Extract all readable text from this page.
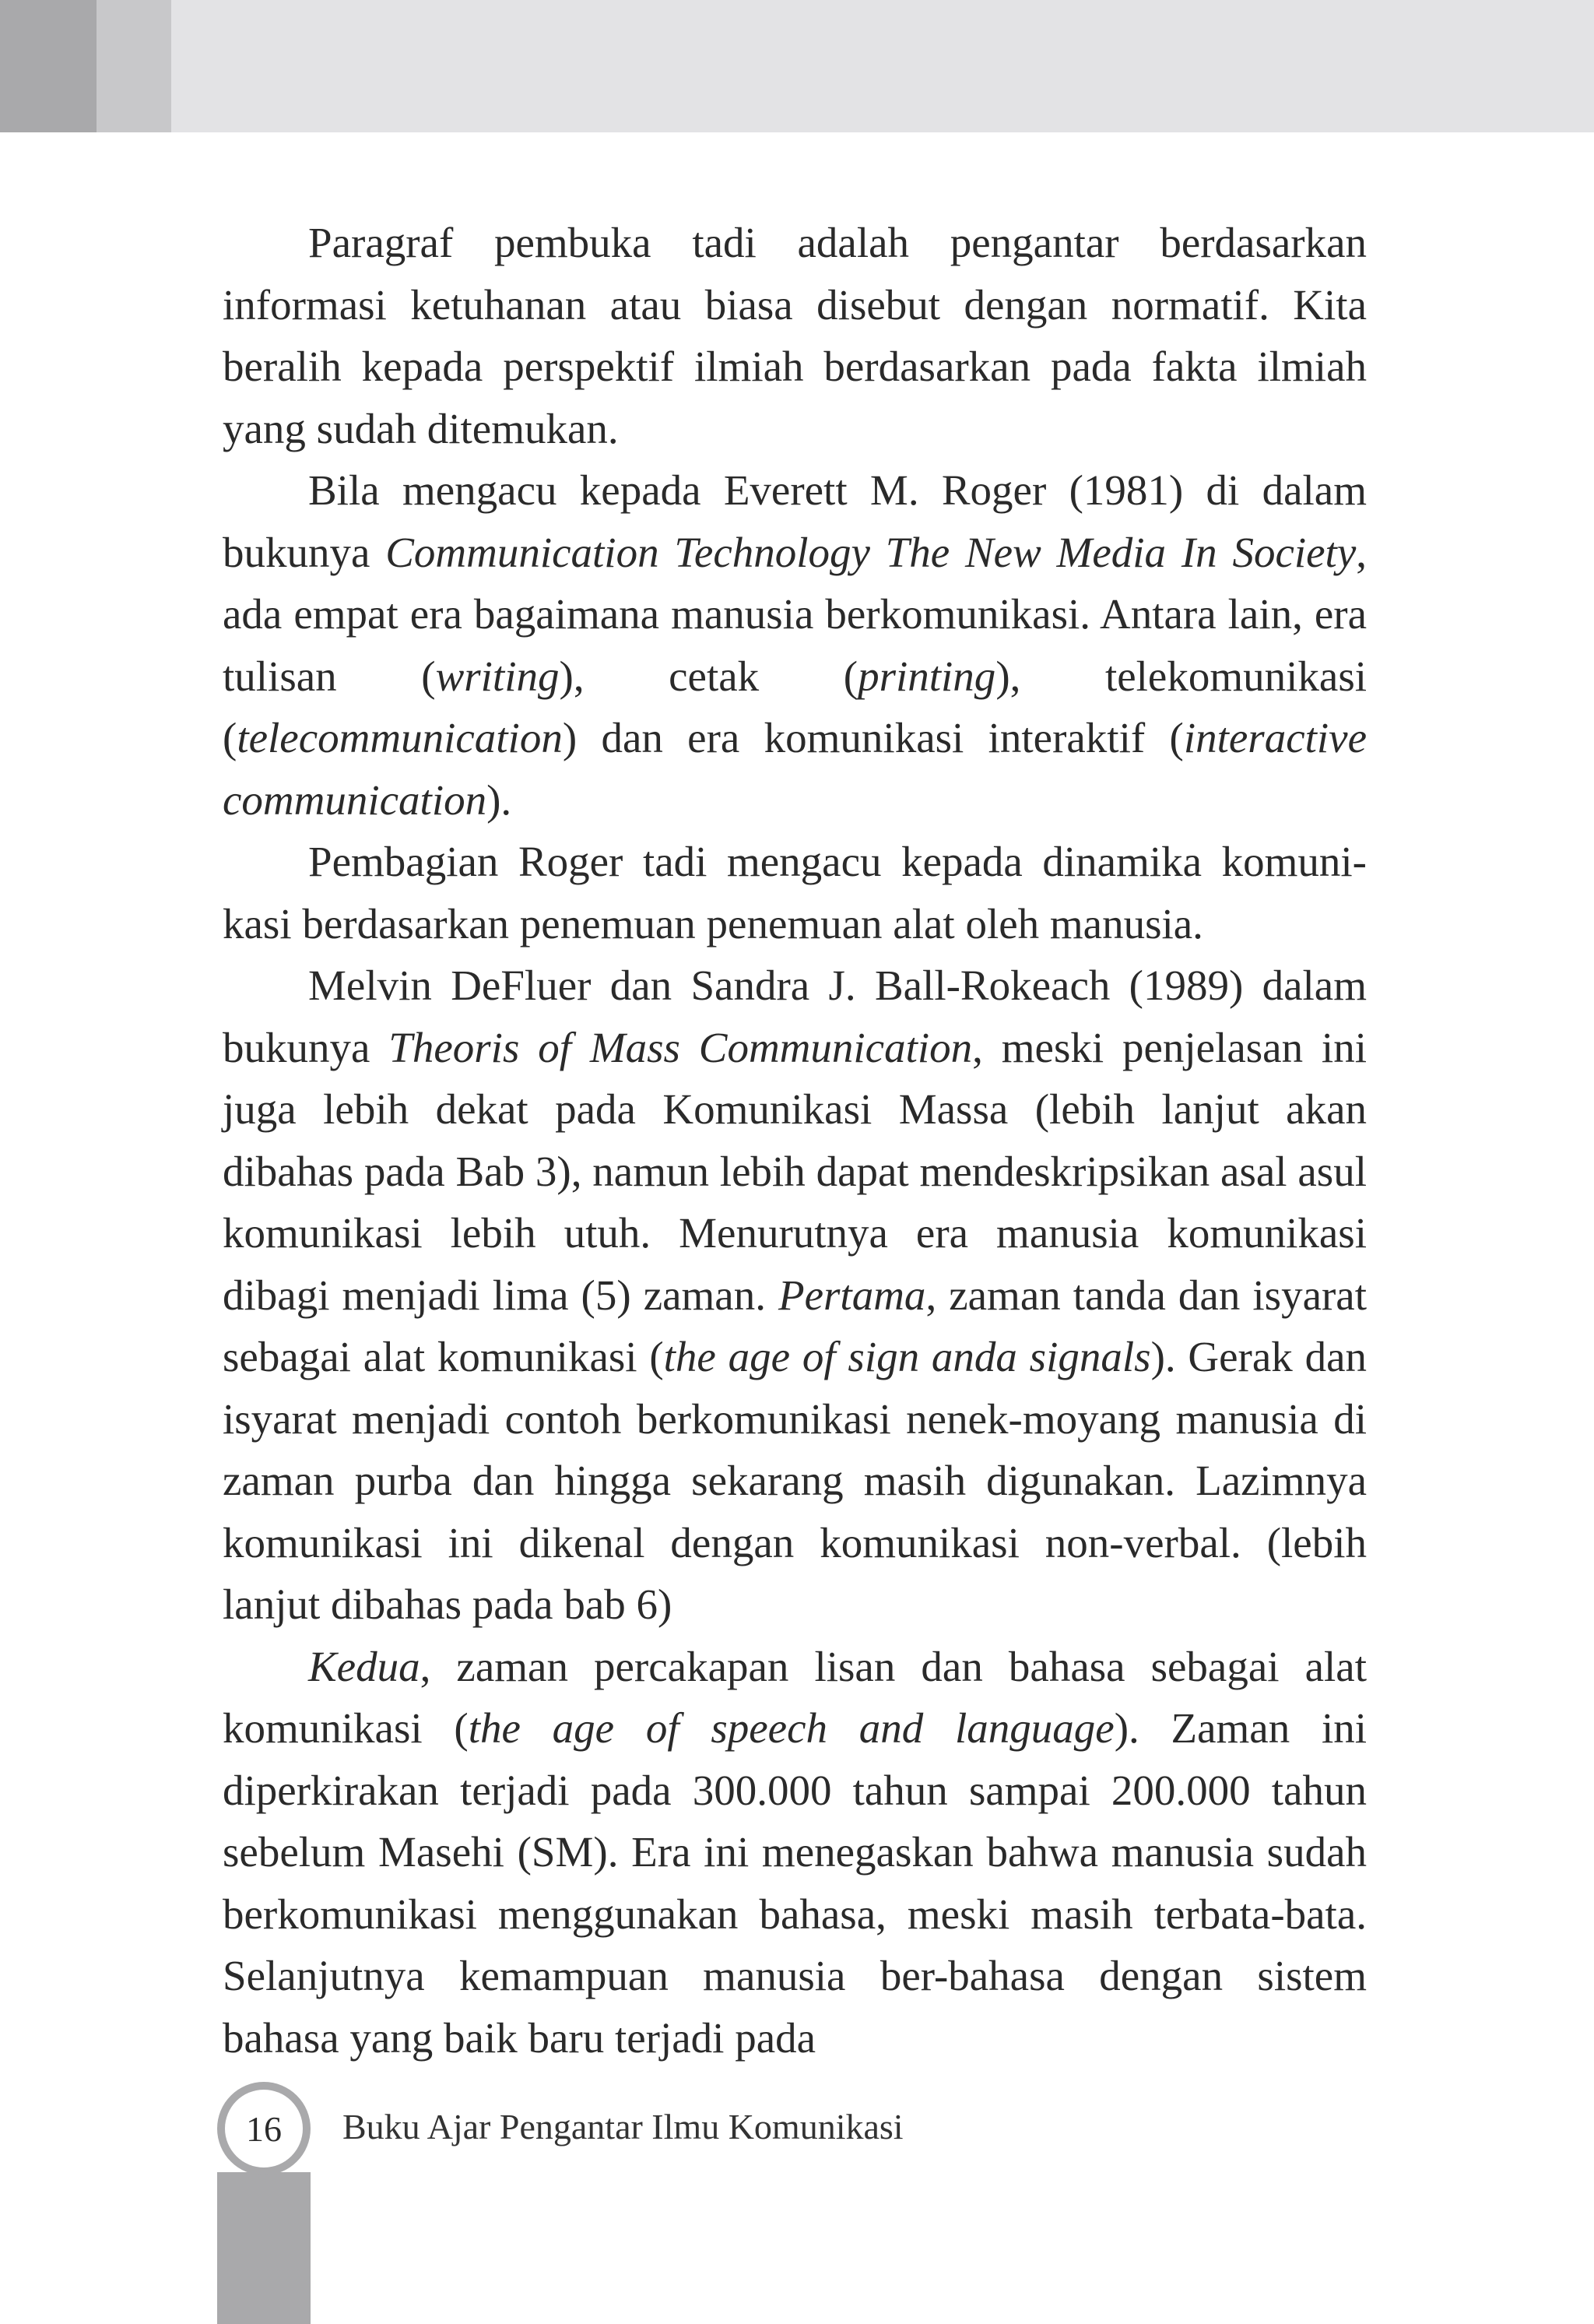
Paragraf pembuka tadi adalah pengantar berdasarkan informasi ketuhanan atau biasa disebut dengan normatif. Kita beralih kepada perspektif ilmiah berdasarkan pada fakta ilmiah yang sudah ditemukan.

Bila mengacu kepada Everett M. Roger (1981) di dalam bukunya Communication Technology The New Media In Society, ada empat era bagaimana manusia berkomunikasi. Antara lain, era tulisan (writing), cetak (printing), telekomunikasi (telecommunication) dan era komunikasi interaktif (interactive communication).

Pembagian Roger tadi mengacu kepada dinamika komuni-kasi berdasarkan penemuan penemuan alat oleh manusia.

Melvin DeFluer dan Sandra J. Ball-Rokeach (1989) dalam bukunya Theoris of Mass Communication, meski penjelasan ini juga lebih dekat pada Komunikasi Massa (lebih lanjut akan dibahas pada Bab 3), namun lebih dapat mendeskripsikan asal asul komunikasi lebih utuh. Menurutnya era manusia komunikasi dibagi menjadi lima (5) zaman. Pertama, zaman tanda dan isyarat sebagai alat komunikasi (the age of sign anda signals). Gerak dan isyarat menjadi contoh berkomunikasi nenek-moyang manusia di zaman purba dan hingga sekarang masih digunakan. Lazimnya komunikasi ini dikenal dengan komunikasi non-verbal. (lebih lanjut dibahas pada bab 6)

Kedua, zaman percakapan lisan dan bahasa sebagai alat komunikasi (the age of speech and language). Zaman ini diperkirakan terjadi pada 300.000 tahun sampai 200.000 tahun sebelum Masehi (SM). Era ini menegaskan bahwa manusia sudah berkomunikasi menggunakan bahasa, meski masih terbata-bata. Selanjutnya kemampuan manusia ber-bahasa dengan sistem bahasa yang baik baru terjadi pada

16	Buku Ajar Pengantar Ilmu Komunikasi
